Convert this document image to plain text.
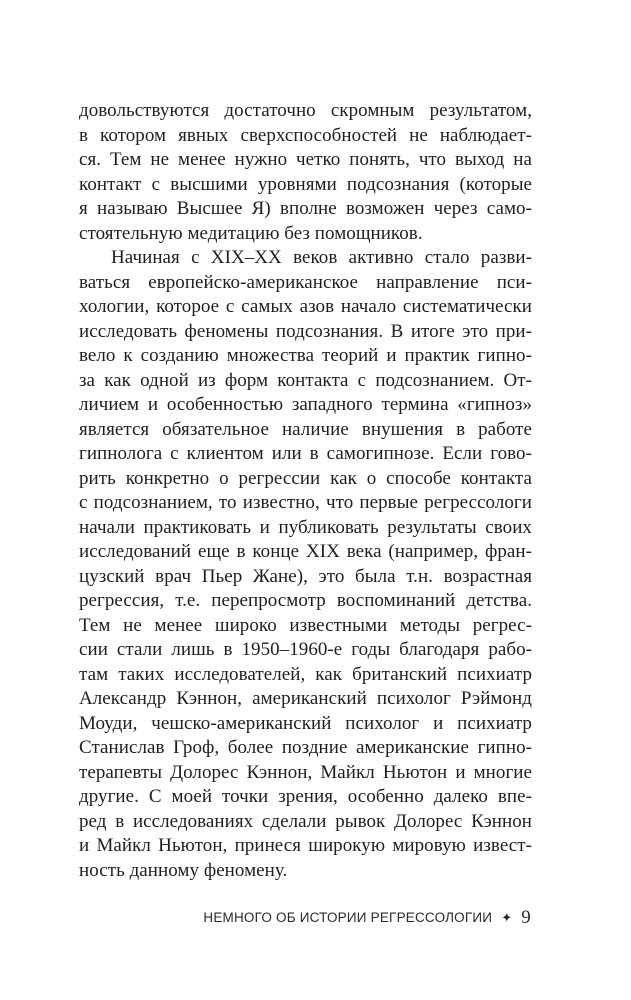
довольствуются достаточно скромным результатом,
в котором явных сверхспособностей не наблюдает-
ся. Тем не менее нужно четко понять, что выход на
контакт с высшими уровнями подсознания (которые
я называю Высшее Я) вполне возможен через само-
стоятельную медитацию без помощников.
Начиная с XIX–XX веков активно стало разви-
ваться европейско-американское направление пси-
хологии, которое с самых азов начало систематически
исследовать феномены подсознания. В итоге это при-
вело к созданию множества теорий и практик гипно-
за как одной из форм контакта с подсознанием. От-
личием и особенностью западного термина «гипноз»
является обязательное наличие внушения в работе
гипнолога с клиентом или в самогипнозе. Если гово-
рить конкретно о регрессии как о способе контакта
с подсознанием, то известно, что первые регрессологи
начали практиковать и публиковать результаты своих
исследований еще в конце XIX века (например, фран-
цузский врач Пьер Жане), это была т.н. возрастная
регрессия, т.е. перепросмотр воспоминаний детства.
Тем не менее широко известными методы регрес-
сии стали лишь в 1950–1960-е годы благодаря рабо-
там таких исследователей, как британский психиатр
Александр Кэннон, американский психолог Рэймонд
Моуди, чешско-американский психолог и психиатр
Станислав Гроф, более поздние американские гипно-
терапевты Долорес Кэннон, Майкл Ньютон и многие
другие. С моей точки зрения, особенно далеко впе-
ред в исследованиях сделали рывок Долорес Кэннон
и Майкл Ньютон, принеся широкую мировую извест-
ность данному феномену.
НЕМНОГО ОБ ИСТОРИИ РЕГРЕССОЛОГИИ ✦ 9
